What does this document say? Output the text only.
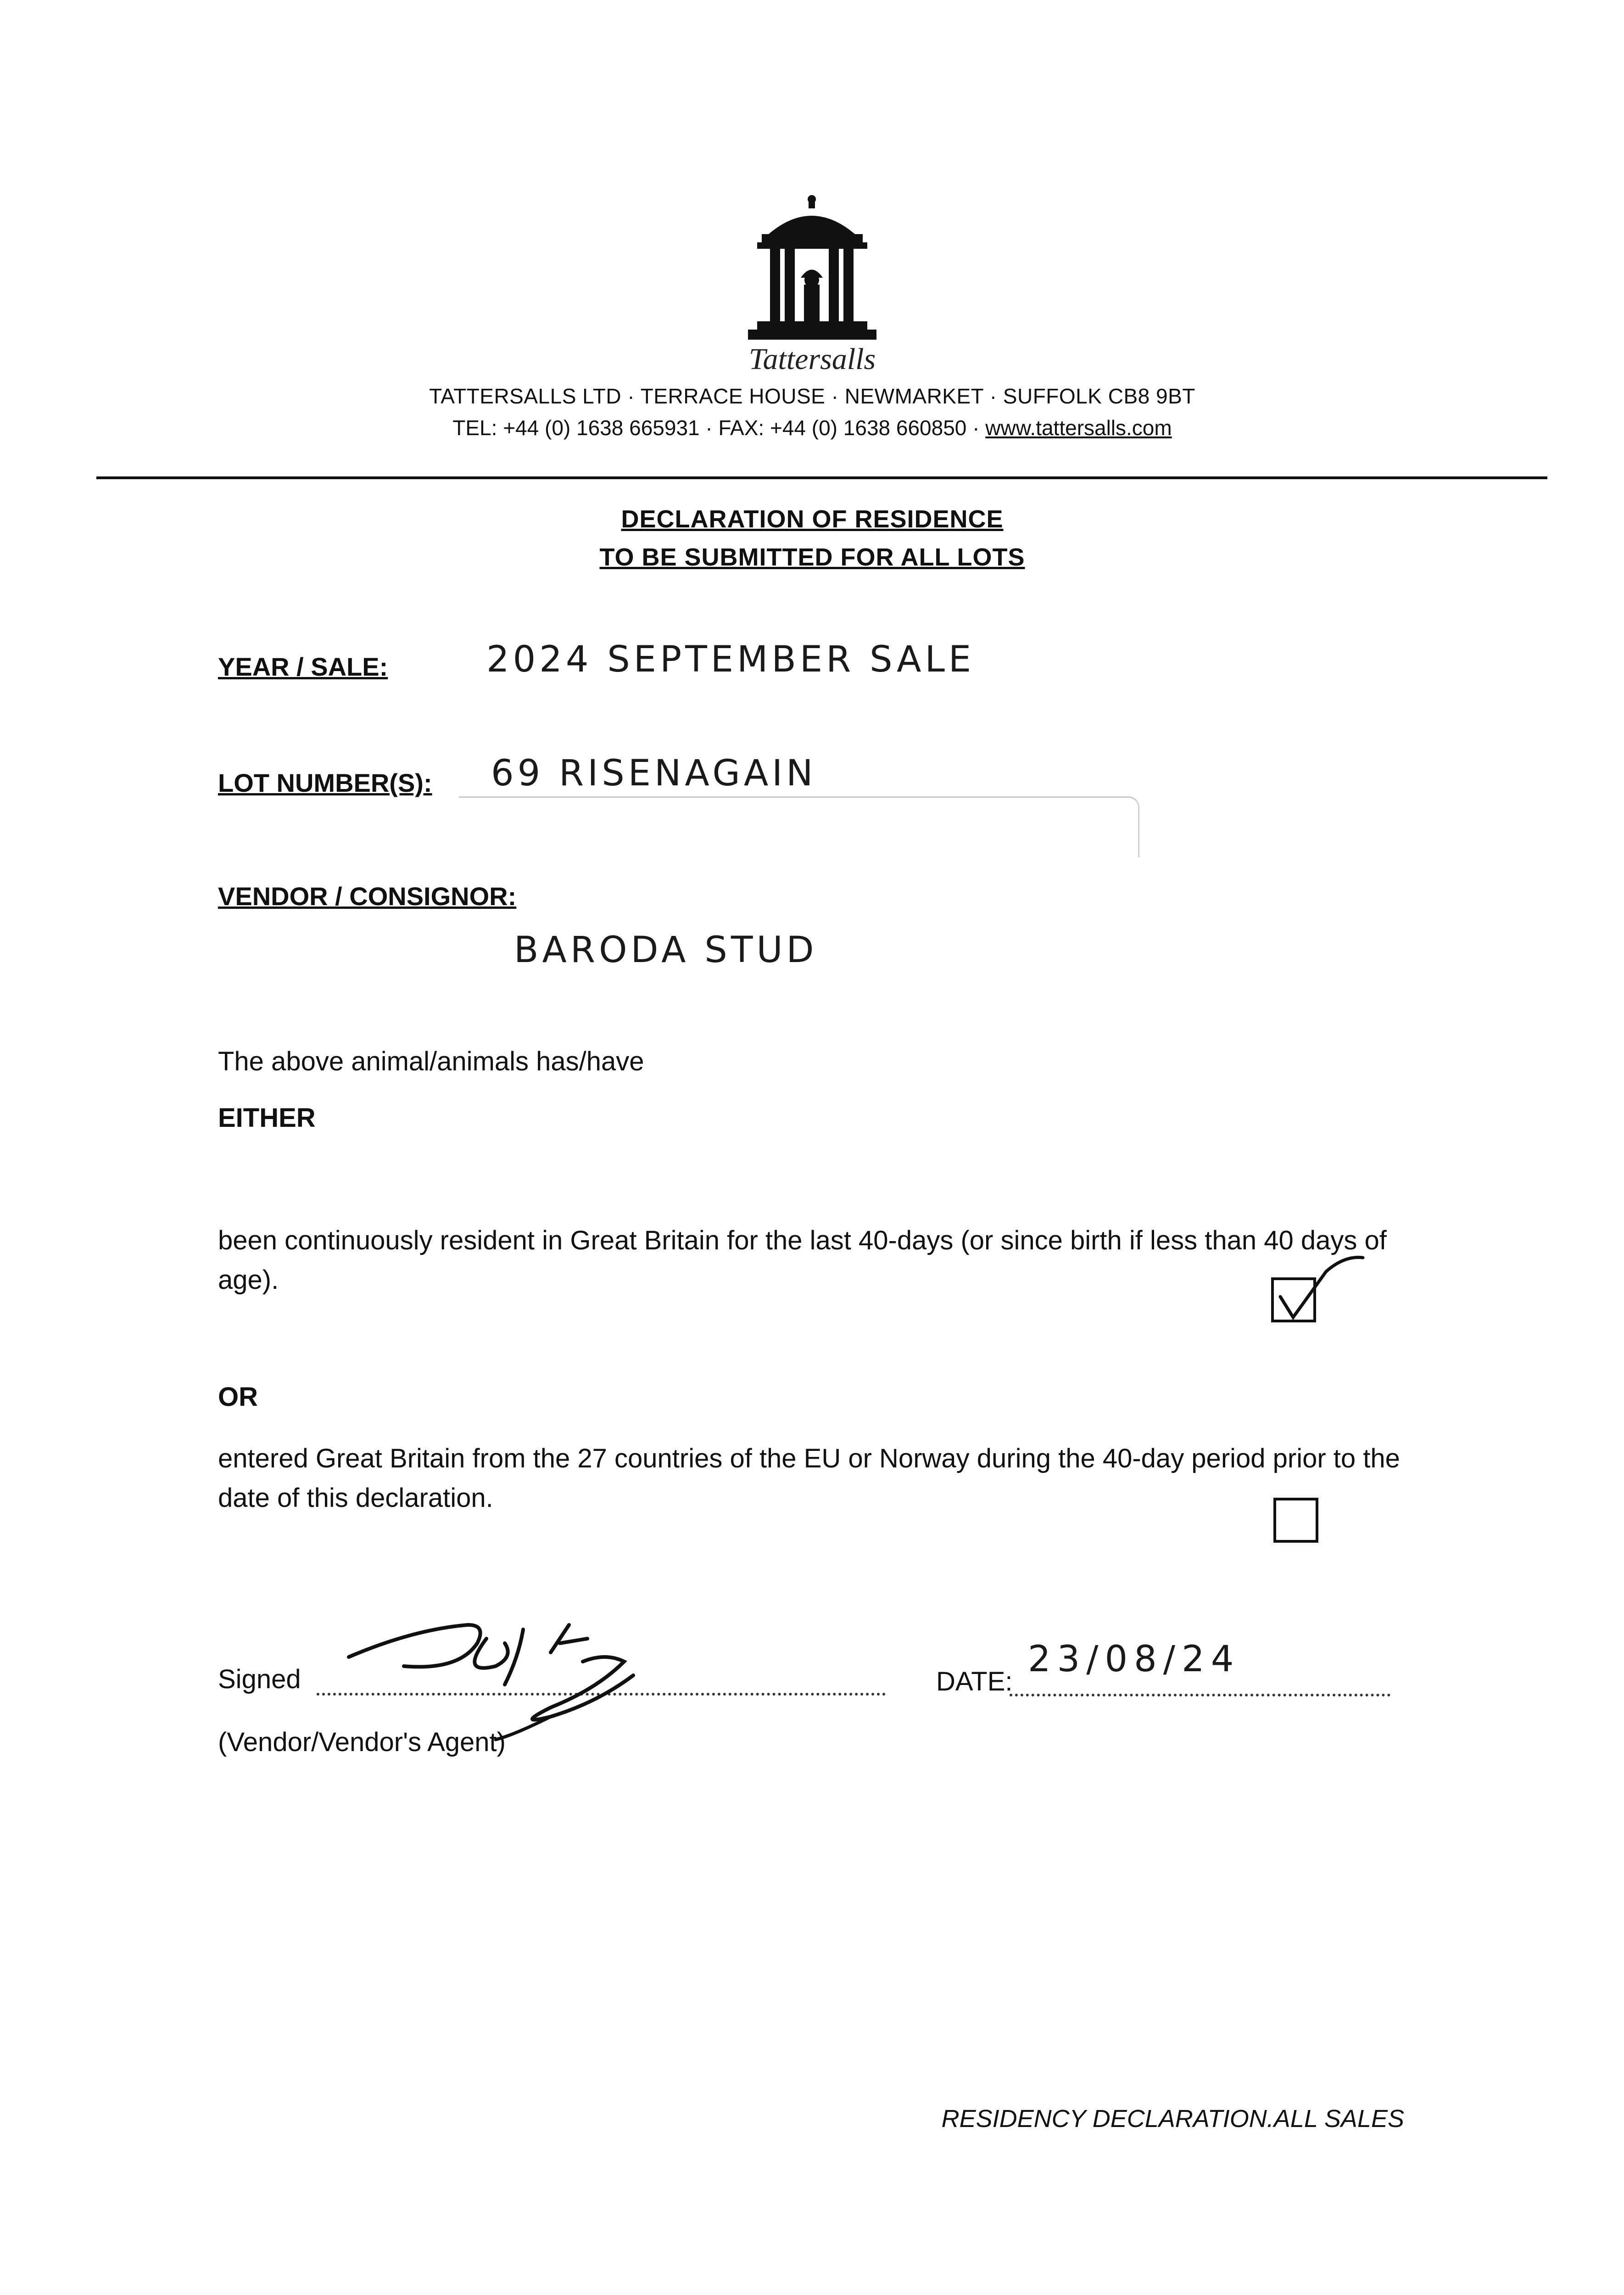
Tattersalls
TATTERSALLS LTD · TERRACE HOUSE · NEWMARKET · SUFFOLK CB8 9BT
TEL: +44 (0) 1638 665931 · FAX: +44 (0) 1638 660850 · www.tattersalls.com
DECLARATION OF RESIDENCE
TO BE SUBMITTED FOR ALL LOTS
YEAR / SALE:	2024 SEPTEMBER SALE
LOT NUMBER(S): 69 RISENAGAIN
VENDOR / CONSIGNOR:
BARODA STUD
The above animal/animals has/have
EITHER
been continuously resident in Great Britain for the last 40-days (or since birth if less than 40 days of age).
OR
entered Great Britain from the 27 countries of the EU or Norway during the 40-day period prior to the date of this declaration.
Signed
(Vendor/Vendor's Agent)
DATE:
23/08/24
RESIDENCY DECLARATION.ALL SALES
